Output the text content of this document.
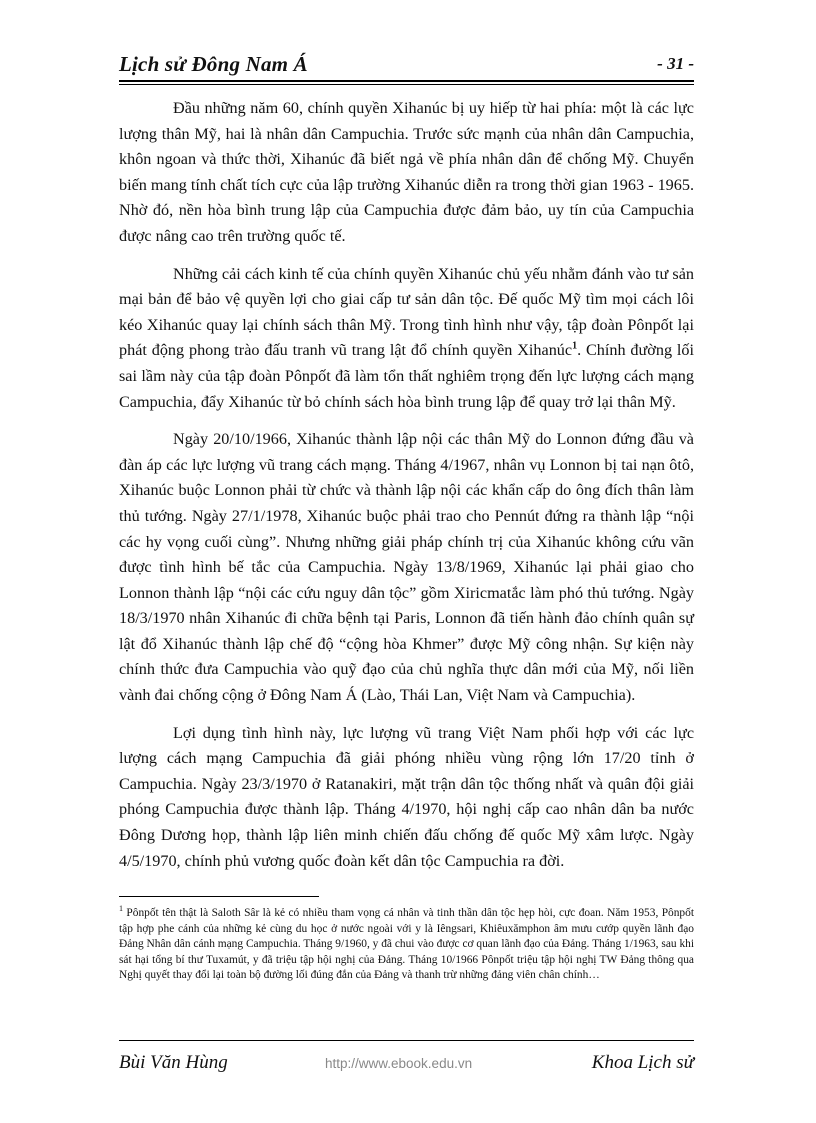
Lịch sử Đông Nam Á	- 31 -

Đầu những năm 60, chính quyền Xihanúc bị uy hiếp từ hai phía: một là các lực lượng thân Mỹ, hai là nhân dân Campuchia. Trước sức mạnh của nhân dân Campuchia, khôn ngoan và thức thời, Xihanúc đã biết ngả về phía nhân dân để chống Mỹ. Chuyển biến mang tính chất tích cực của lập trường Xihanúc diễn ra trong thời gian 1963 - 1965. Nhờ đó, nền hòa bình trung lập của Campuchia được đảm bảo, uy tín của Campuchia được nâng cao trên trường quốc tế.

Những cải cách kinh tế của chính quyền Xihanúc chủ yếu nhằm đánh vào tư sản mại bản để bảo vệ quyền lợi cho giai cấp tư sản dân tộc. Đế quốc Mỹ tìm mọi cách lôi kéo Xihanúc quay lại chính sách thân Mỹ. Trong tình hình như vậy, tập đoàn Pônpốt lại phát động phong trào đấu tranh vũ trang lật đổ chính quyền Xihanúc$^1$. Chính đường lối sai lầm này của tập đoàn Pônpốt đã làm tổn thất nghiêm trọng đến lực lượng cách mạng Campuchia, đẩy Xihanúc từ bỏ chính sách hòa bình trung lập để quay trở lại thân Mỹ.

Ngày 20/10/1966, Xihanúc thành lập nội các thân Mỹ do Lonnon đứng đầu và đàn áp các lực lượng vũ trang cách mạng. Tháng 4/1967, nhân vụ Lonnon bị tai nạn ôtô, Xihanúc buộc Lonnon phải từ chức và thành lập nội các khẩn cấp do ông đích thân làm thủ tướng. Ngày 27/1/1978, Xihanúc buộc phải trao cho Pennút đứng ra thành lập “nội các hy vọng cuối cùng”. Nhưng những giải pháp chính trị của Xihanúc không cứu vãn được tình hình bế tắc của Campuchia. Ngày 13/8/1969, Xihanúc lại phải giao cho Lonnon thành lập “nội các cứu nguy dân tộc” gồm Xiricmatắc làm phó thủ tướng. Ngày 18/3/1970 nhân Xihanúc đi chữa bệnh tại Paris, Lonnon đã tiến hành đảo chính quân sự lật đổ Xihanúc thành lập chế độ “cộng hòa Khmer” được Mỹ công nhận. Sự kiện này chính thức đưa Campuchia vào quỹ đạo của chủ nghĩa thực dân mới của Mỹ, nối liền vành đai chống cộng ở Đông Nam Á (Lào, Thái Lan, Việt Nam và Campuchia).

Lợi dụng tình hình này, lực lượng vũ trang Việt Nam phối hợp với các lực lượng cách mạng Campuchia đã giải phóng nhiều vùng rộng lớn 17/20 tỉnh ở Campuchia. Ngày 23/3/1970 ở Ratanakiri, mặt trận dân tộc thống nhất và quân đội giải phóng Campuchia được thành lập. Tháng 4/1970, hội nghị cấp cao nhân dân ba nước Đông Dương họp, thành lập liên minh chiến đấu chống đế quốc Mỹ xâm lược. Ngày 4/5/1970, chính phủ vương quốc đoàn kết dân tộc Campuchia ra đời.

$^1$ Pônpốt tên thật là Saloth Sâr là kẻ có nhiều tham vọng cá nhân và tinh thần dân tộc hẹp hòi, cực đoan. Năm 1953, Pônpốt tập hợp phe cánh của những kẻ cùng du học ở nước ngoài với y là Iêngsari, Khiêuxămphon âm mưu cướp quyền lãnh đạo Đảng Nhân dân cánh mạng Campuchia. Tháng 9/1960, y đã chui vào được cơ quan lãnh đạo của Đảng. Tháng 1/1963, sau khi sát hại tổng bí thư Tuxamút, y đã triệu tập hội nghị của Đảng. Tháng 10/1966 Pônpốt triệu tập hội nghị TW Đảng thông qua Nghị quyết thay đổi lại toàn bộ đường lối đúng đắn của Đảng và thanh trừ những đảng viên chân chính…
Bùi Văn Hùng	http://www.ebook.edu.vn	Khoa Lịch sử
